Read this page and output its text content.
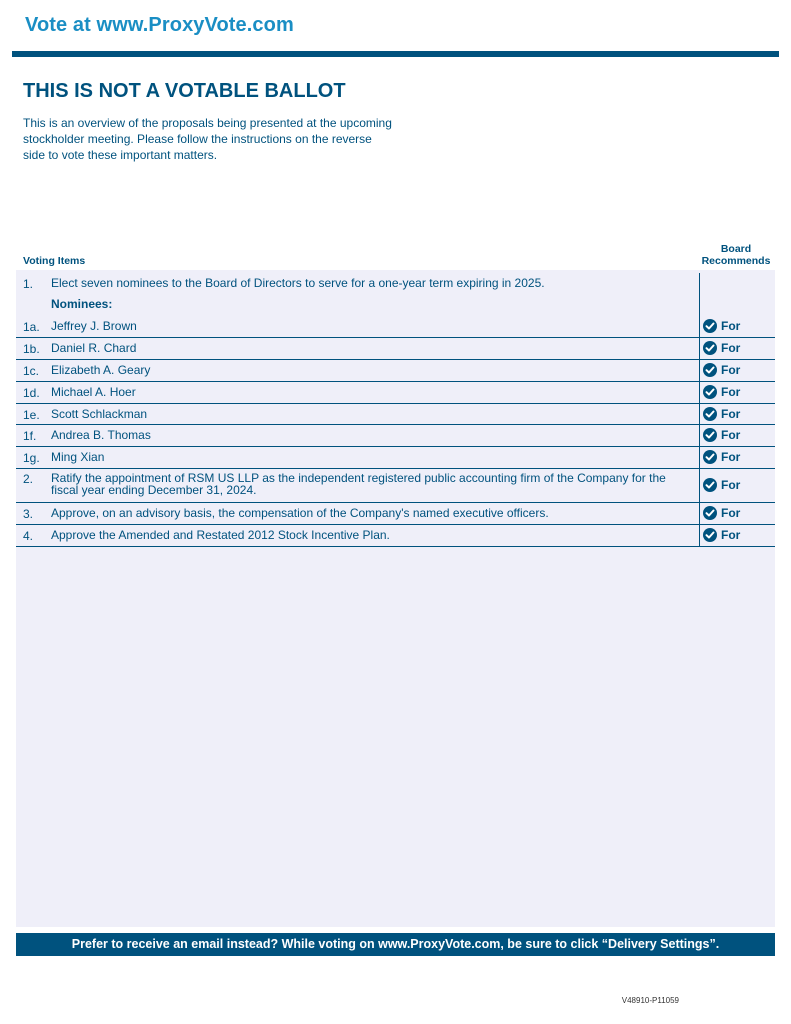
Vote at www.ProxyVote.com
THIS IS NOT A VOTABLE BALLOT
This is an overview of the proposals being presented at the upcoming stockholder meeting. Please follow the instructions on the reverse side to vote these important matters.
Voting Items
Board Recommends
1. Elect seven nominees to the Board of Directors to serve for a one-year term expiring in 2025.
Nominees:
1a. Jeffrey J. Brown	For
1b. Daniel R. Chard	For
1c. Elizabeth A. Geary	For
1d. Michael A. Hoer	For
1e. Scott Schlackman	For
1f. Andrea B. Thomas	For
1g. Ming Xian	For
2. Ratify the appointment of RSM US LLP as the independent registered public accounting firm of the Company for the fiscal year ending December 31, 2024.	For
3. Approve, on an advisory basis, the compensation of the Company's named executive officers.	For
4. Approve the Amended and Restated 2012 Stock Incentive Plan.	For
Prefer to receive an email instead? While voting on www.ProxyVote.com, be sure to click “Delivery Settings”.
V48910-P11059
